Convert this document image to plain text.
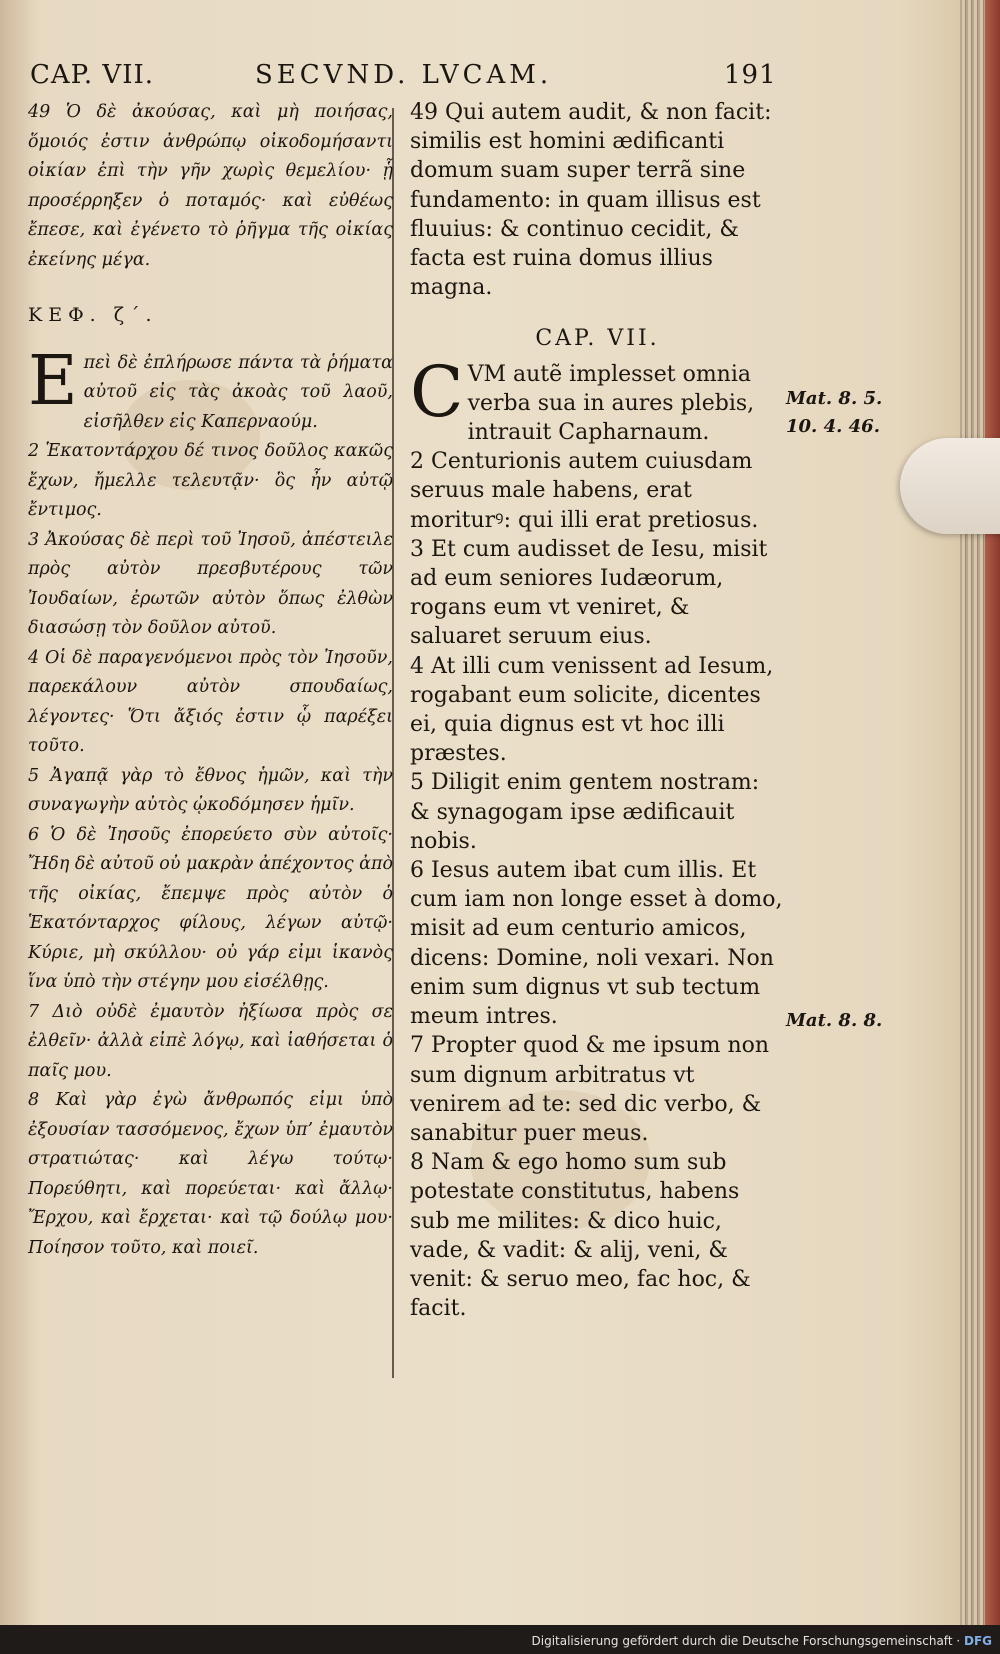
CAP. VII.	SECVND. LVCAM.	191

49 Ὁ δὲ ἀκούσας, καὶ μὴ ποιήσας, ὅμοιός ἐστιν ἀνθρώπῳ οἰκοδομήσαντι οἰκίαν ἐπὶ τὴν γῆν χωρὶς θεμελίου· ᾗ προσέρρηξεν ὁ ποταμός· καὶ εὐθέως ἔπεσε, καὶ ἐγένετο τὸ ῥῆγμα τῆς οἰκίας ἐκείνης μέγα.

ΚΕΦ. ζ΄.

Επεὶ δὲ ἐπλήρωσε πάντα τὰ ῥήματα αὐτοῦ εἰς τὰς ἀκοὰς τοῦ λαοῦ, εἰσῆλθεν εἰς Καπερναούμ.

2 Ἑκατοντάρχου δέ τινος δοῦλος κακῶς ἔχων, ἤμελλε τελευτᾷν· ὃς ἦν αὐτῷ ἔντιμος.

3 Ἀκούσας δὲ περὶ τοῦ Ἰησοῦ, ἀπέστειλε πρὸς αὐτὸν πρεσβυτέρους τῶν Ἰουδαίων, ἐρωτῶν αὐτὸν ὅπως ἐλθὼν διασώσῃ τὸν δοῦλον αὐτοῦ.

4 Οἱ δὲ παραγενόμενοι πρὸς τὸν Ἰησοῦν, παρεκάλουν αὐτὸν σπουδαίως, λέγοντες· Ὅτι ἄξιός ἐστιν ᾧ παρέξει τοῦτο.

5 Ἀγαπᾷ γὰρ τὸ ἔθνος ἡμῶν, καὶ τὴν συναγωγὴν αὐτὸς ᾠκοδόμησεν ἡμῖν.

6 Ὁ δὲ Ἰησοῦς ἐπορεύετο σὺν αὐτοῖς· Ἤδη δὲ αὐτοῦ οὐ μακρὰν ἀπέχοντος ἀπὸ τῆς οἰκίας, ἔπεμψε πρὸς αὐτὸν ὁ Ἑκατόνταρχος φίλους, λέγων αὐτῷ· Κύριε, μὴ σκύλλου· οὐ γάρ εἰμι ἱκανὸς ἵνα ὑπὸ τὴν στέγην μου εἰσέλθῃς.

7 Διὸ οὐδὲ ἐμαυτὸν ἠξίωσα πρὸς σε ἐλθεῖν· ἀλλὰ εἰπὲ λόγῳ, καὶ ἰαθήσεται ὁ παῖς μου.

8 Καὶ γὰρ ἐγὼ ἄνθρωπός εἰμι ὑπὸ ἐξουσίαν τασσόμενος, ἔχων ὑπ’ ἐμαυτὸν στρατιώτας· καὶ λέγω τούτῳ· Πορεύθητι, καὶ πορεύεται· καὶ ἄλλῳ· Ἔρχου, καὶ ἔρχεται· καὶ τῷ δούλῳ μου· Ποίησον τοῦτο, καὶ ποιεῖ.

49 Qui autem audit, & non facit: similis est homini ædificanti domum suam super terrã sine fundamento: in quam illisus est fluuius: & continuo cecidit, & facta est ruina domus illius magna.

CAP. VII.

CVM autẽ implesset omnia verba sua in aures plebis, intrauit Capharnaum.

2 Centurionis autem cuiusdam seruus male habens, erat moriturꝰ: qui illi erat pretiosus.

3 Et cum audisset de Iesu, misit ad eum seniores Iudæorum, rogans eum vt veniret, & saluaret seruum eius.

4 At illi cum venissent ad Iesum, rogabant eum solicite, dicentes ei, quia dignus est vt hoc illi præstes.

5 Diligit enim gentem nostram: & synagogam ipse ædificauit nobis.

6 Iesus autem ibat cum illis. Et cum iam non longe esset à domo, misit ad eum centurio amicos, dicens: Domine, noli vexari. Non enim sum dignus vt sub tectum meum intres.

7 Propter quod & me ipsum non sum dignum arbitratus vt venirem ad te: sed dic verbo, & sanabitur puer meus.

8 Nam & ego homo sum sub potestate constitutus, habens sub me milites: & dico huic, vade, & vadit: & alij, veni, & venit: & seruo meo, fac hoc, & facit.

Mat. 8. 5.
10. 4. 46.
Mat. 8. 8.
Digitalisierung gefördert durch die Deutsche Forschungsgemeinschaft · DFG
